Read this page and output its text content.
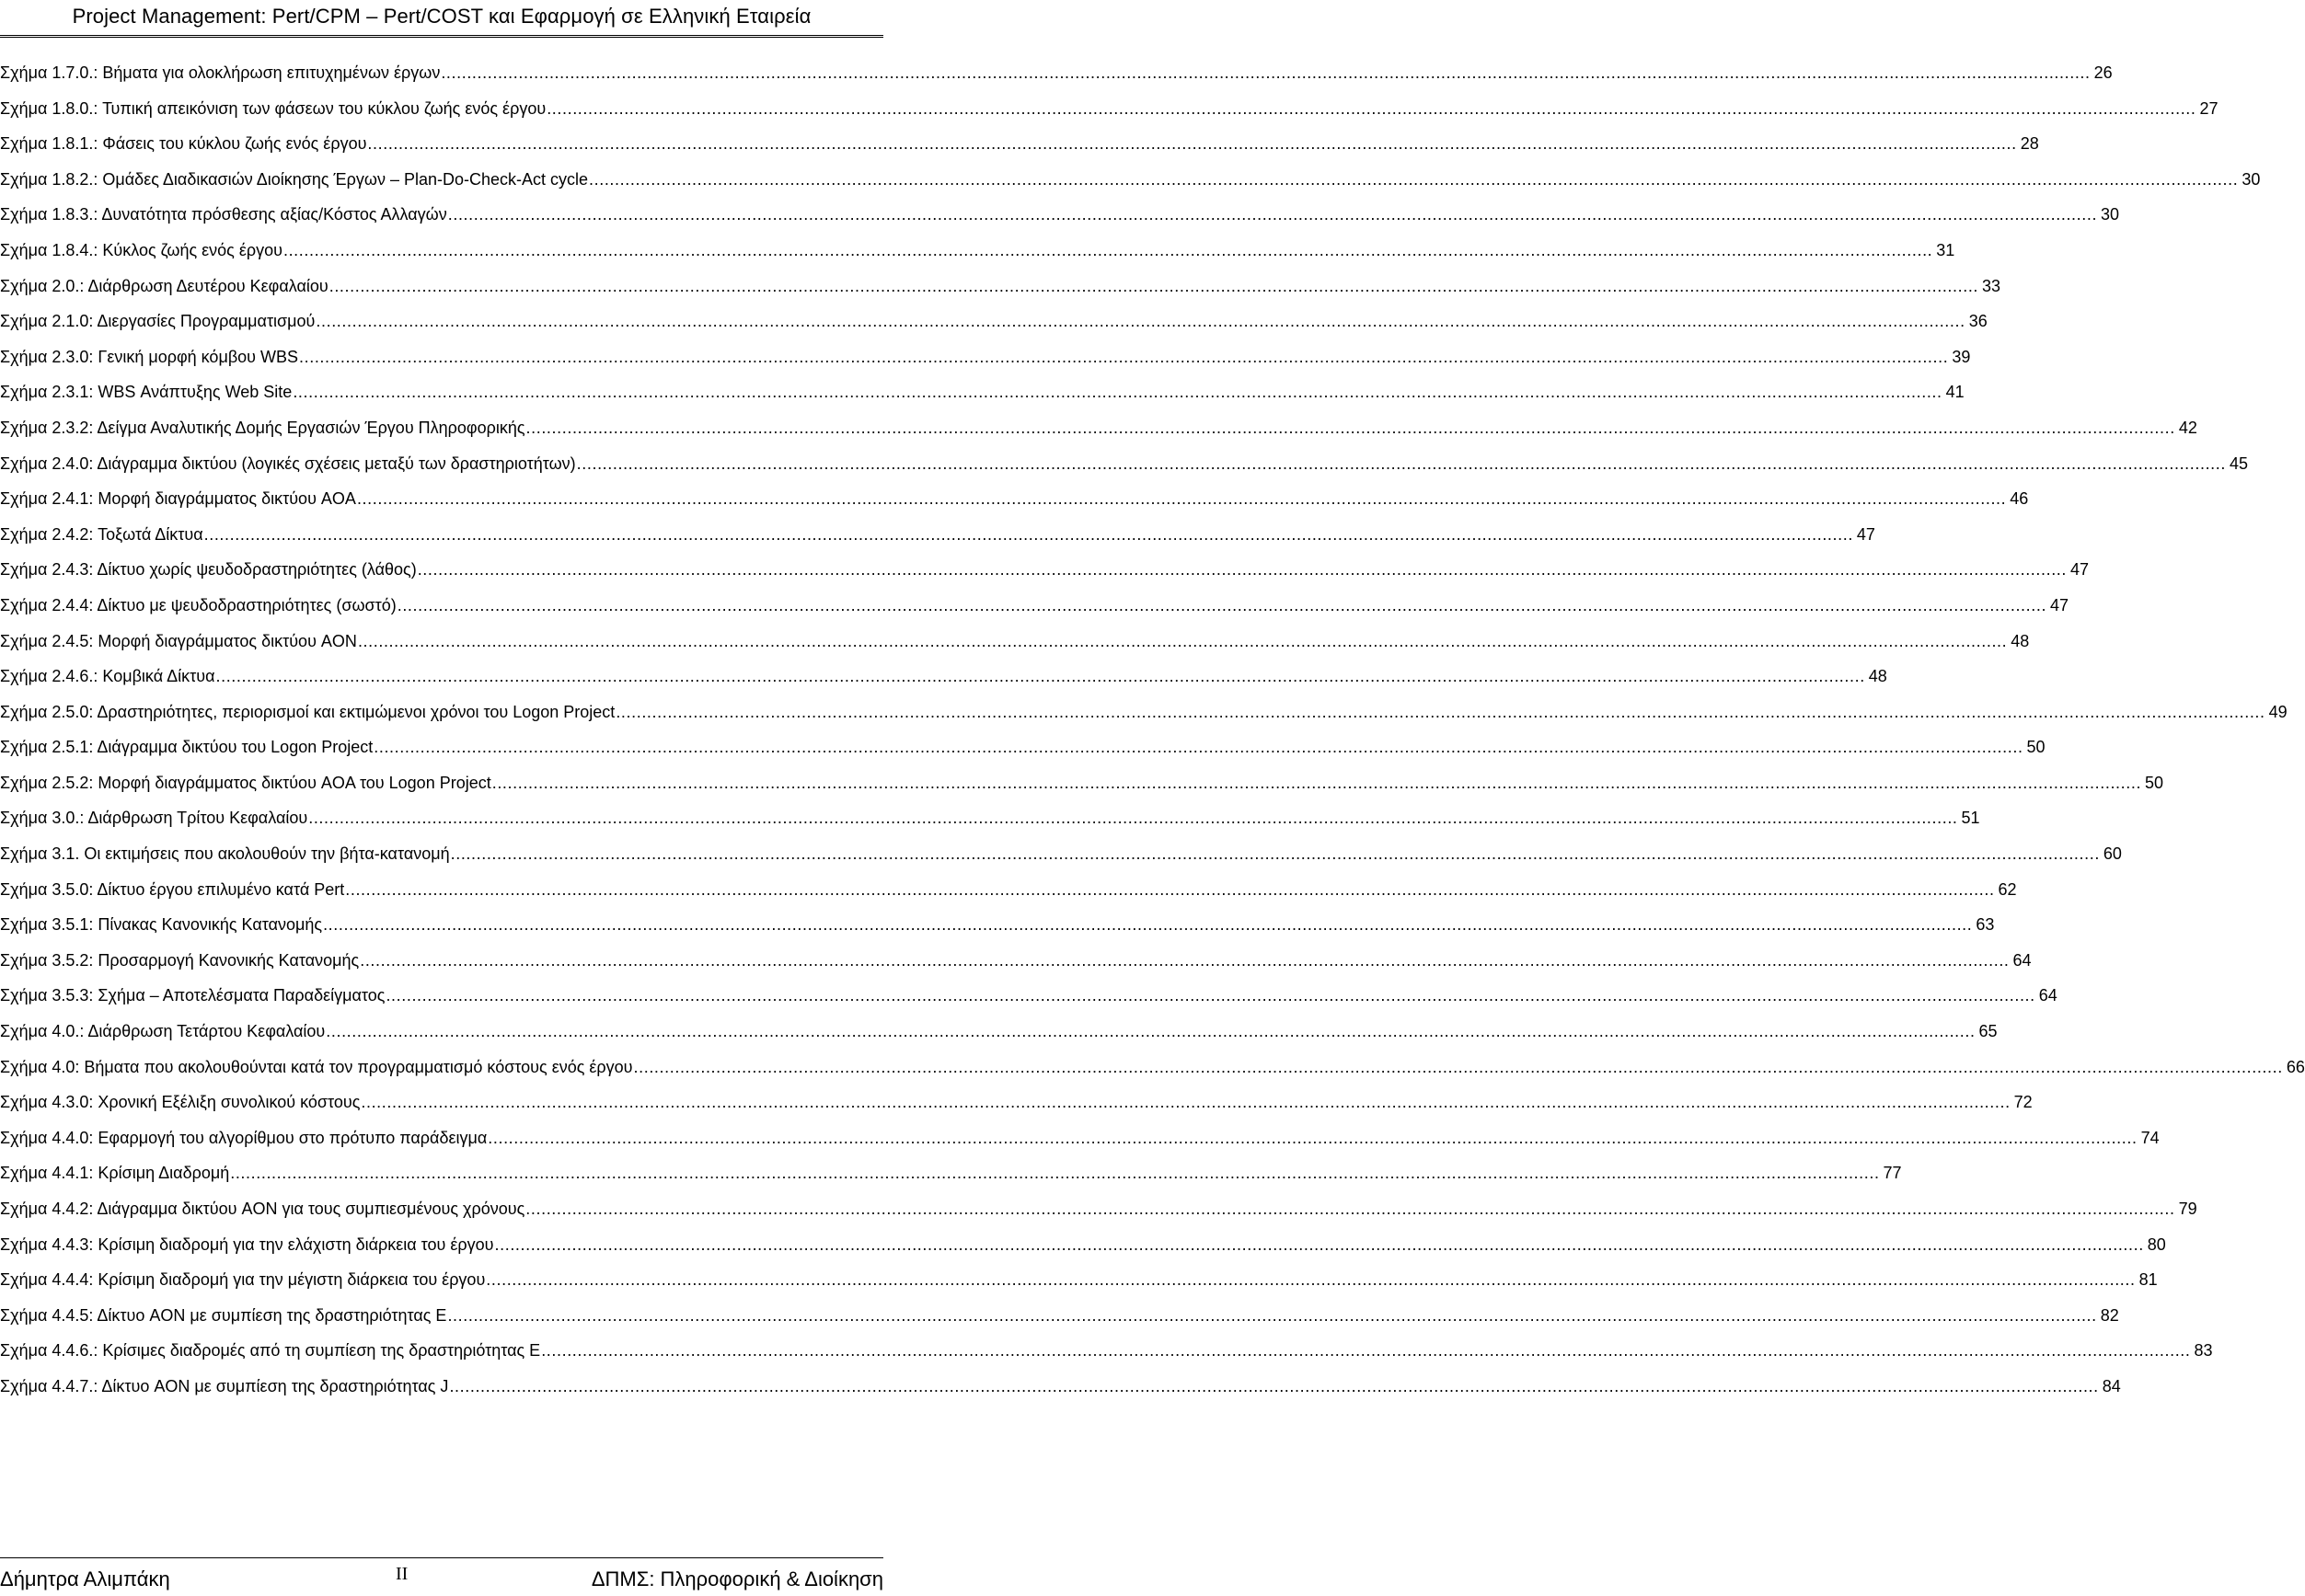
Project Management: Pert/CPM – Pert/COST και Εφαρμογή σε Ελληνική Εταιρεία
Σχήμα 1.7.0.: Βήματα για ολοκλήρωση επιτυχημένων έργων .....	26
Σχήμα 1.8.0.: Τυπική απεικόνιση των φάσεων του κύκλου ζωής ενός έργου .....	27
Σχήμα 1.8.1.: Φάσεις του κύκλου ζωής ενός έργου .....	28
Σχήμα 1.8.2.: Ομάδες Διαδικασιών Διοίκησης Έργων – Plan-Do-Check-Act cycle .....	30
Σχήμα 1.8.3.: Δυνατότητα πρόσθεσης αξίας/Κόστος Αλλαγών .....	30
Σχήμα 1.8.4.: Κύκλος ζωής ενός έργου .....	31
Σχήμα 2.0.: Διάρθρωση Δευτέρου Κεφαλαίου .....	33
Σχήμα 2.1.0: Διεργασίες Προγραμματισμού .....	36
Σχήμα 2.3.0: Γενική μορφή κόμβου WBS .....	39
Σχήμα 2.3.1: WBS Ανάπτυξης Web Site .....	41
Σχήμα 2.3.2: Δείγμα Αναλυτικής Δομής Εργασιών Έργου Πληροφορικής .....	42
Σχήμα 2.4.0: Διάγραμμα δικτύου (λογικές σχέσεις μεταξύ των δραστηριοτήτων) .....	45
Σχήμα 2.4.1: Μορφή διαγράμματος δικτύου AOA .....	46
Σχήμα 2.4.2: Τοξωτά Δίκτυα .....	47
Σχήμα 2.4.3: Δίκτυο χωρίς ψευδοδραστηριότητες (λάθος) .....	47
Σχήμα 2.4.4: Δίκτυο με ψευδοδραστηριότητες (σωστό) .....	47
Σχήμα 2.4.5: Μορφή διαγράμματος δικτύου AON .....	48
Σχήμα 2.4.6.: Κομβικά Δίκτυα .....	48
Σχήμα 2.5.0: Δραστηριότητες, περιορισμοί και εκτιμώμενοι χρόνοι του Logon Project .....	49
Σχήμα 2.5.1: Διάγραμμα δικτύου του Logon Project .....	50
Σχήμα 2.5.2: Μορφή διαγράμματος δικτύου AOA του Logon Project .....	50
Σχήμα 3.0.: Διάρθρωση Τρίτου Κεφαλαίου .....	51
Σχήμα 3.1. Οι εκτιμήσεις που ακολουθούν την βήτα-κατανομή .....	60
Σχήμα 3.5.0: Δίκτυο έργου επιλυμένο κατά Pert .....	62
Σχήμα 3.5.1: Πίνακας Κανονικής Κατανομής .....	63
Σχήμα 3.5.2: Προσαρμογή Κανονικής Κατανομής .....	64
Σχήμα 3.5.3: Σχήμα – Αποτελέσματα Παραδείγματος .....	64
Σχήμα 4.0.: Διάρθρωση Τετάρτου Κεφαλαίου .....	65
Σχήμα 4.0: Βήματα που ακολουθούνται κατά τον προγραμματισμό κόστους ενός έργου .....	66
Σχήμα 4.3.0: Χρονική Εξέλιξη συνολικού κόστους .....	72
Σχήμα 4.4.0: Εφαρμογή του αλγορίθμου στο πρότυπο παράδειγμα .....	74
Σχήμα 4.4.1: Κρίσιμη Διαδρομή .....	77
Σχήμα 4.4.2: Διάγραμμα δικτύου AON για τους συμπιεσμένους χρόνους .....	79
Σχήμα 4.4.3: Κρίσιμη διαδρομή για την ελάχιστη διάρκεια του έργου .....	80
Σχήμα 4.4.4: Κρίσιμη διαδρομή για την μέγιστη διάρκεια του έργου .....	81
Σχήμα 4.4.5: Δίκτυο AON με συμπίεση της δραστηριότητας E .....	82
Σχήμα 4.4.6.: Κρίσιμες διαδρομές από τη συμπίεση της δραστηριότητας E .....	83
Σχήμα 4.4.7.: Δίκτυο AON με συμπίεση της δραστηριότητας J .....	84
Δήμητρα Αλιμπάκη	II	ΔΠΜΣ: Πληροφορική & Διοίκηση
